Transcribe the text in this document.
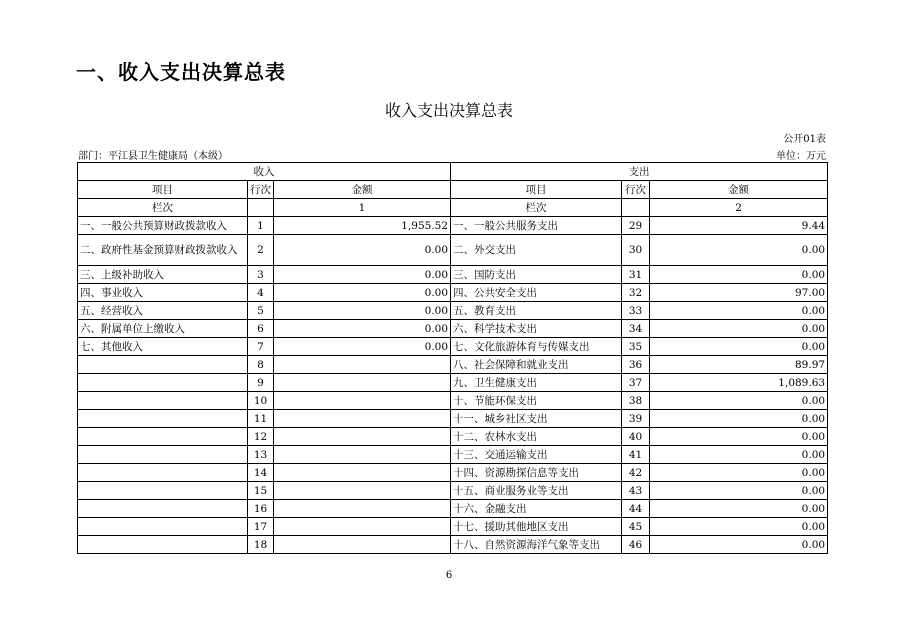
一、收入支出决算总表
收入支出决算总表
公开01表
部门：平江县卫生健康局（本级）	单位：万元
收入			支出		
项目	行次	金额	项目	行次	金额
栏次		1	栏次		2
一、一般公共预算财政拨款收入	1	1,955.52	一、一般公共服务支出	29	9.44
二、政府性基金预算财政拨款收入	2	0.00	二、外交支出	30	0.00
三、上级补助收入	3	0.00	三、国防支出	31	0.00
四、事业收入	4	0.00	四、公共安全支出	32	97.00
五、经营收入	5	0.00	五、教育支出	33	0.00
六、附属单位上缴收入	6	0.00	六、科学技术支出	34	0.00
七、其他收入	7	0.00	七、文化旅游体育与传媒支出	35	0.00
	8		八、社会保障和就业支出	36	89.97
	9		九、卫生健康支出	37	1,089.63
	10		十、节能环保支出	38	0.00
	11		十一、城乡社区支出	39	0.00
	12		十二、农林水支出	40	0.00
	13		十三、交通运输支出	41	0.00
	14		十四、资源勘探信息等支出	42	0.00
	15		十五、商业服务业等支出	43	0.00
	16		十六、金融支出	44	0.00
	17		十七、援助其他地区支出	45	0.00
	18		十八、自然资源海洋气象等支出	46	0.00
6
